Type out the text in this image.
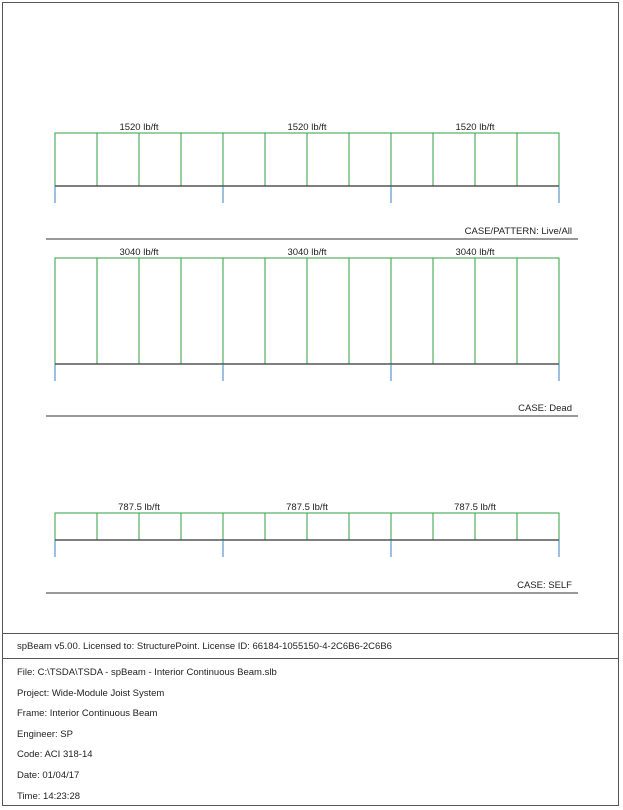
1520 lb/ft	1520 lb/ft	1520 lb/ft
CASE/PATTERN: Live/All
3040 lb/ft	3040 lb/ft	3040 lb/ft
CASE: Dead
787.5 lb/ft	787.5 lb/ft	787.5 lb/ft
CASE: SELF
spBeam v5.00. Licensed to: StructurePoint. License ID: 66184-1055150-4-2C6B6-2C6B6
File: C:\TSDA\TSDA - spBeam - Interior Continuous Beam.slb
Project: Wide-Module Joist System
Frame: Interior Continuous Beam
Engineer: SP
Code: ACI 318-14
Date: 01/04/17
Time: 14:23:28
